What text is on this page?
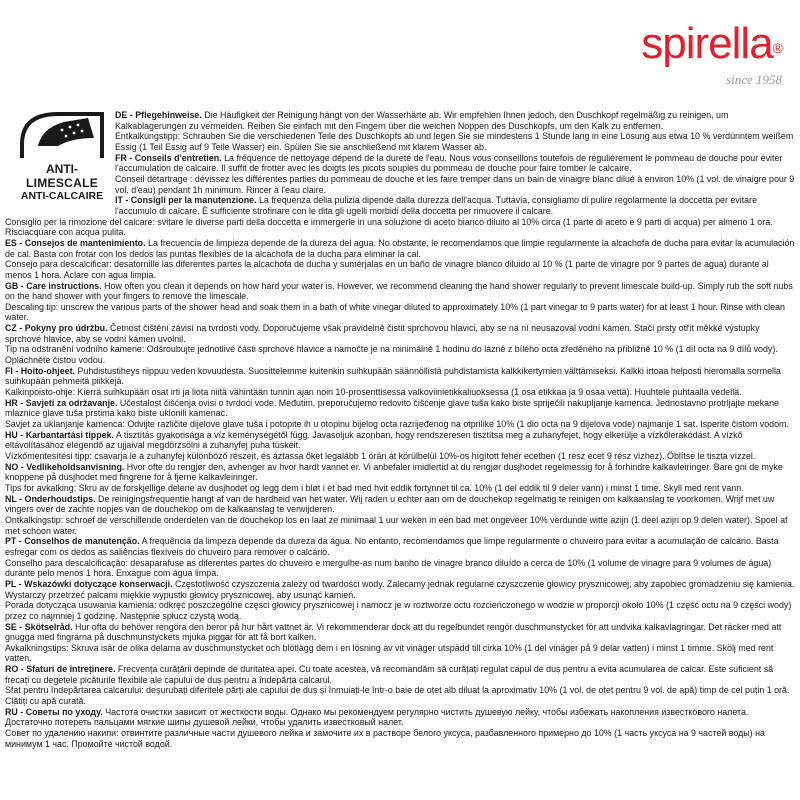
spirella®
since 1958
ANTI-
LIMESCALE
ANTI-CALCAIRE

DE - Pflegehinweise. Die Häufigkeit der Reinigung hängt von der Wasserhärte ab. Wir empfehlen Ihnen jedoch, den Duschkopf regelmäßig zu reinigen, um Kalkablagerungen zu vermeiden. Reiben Sie einfach mit den Fingern über die weichen Noppen des Duschkopfs, um den Kalk zu entfernen.

Entkalkungstipp: Schrauben Sie die verschiedenen Teile des Duschkopfs ab und legen Sie sie mindestens 1 Stunde lang in eine Lösung aus etwa 10 % verdünntem weißem Essig (1 Teil Essig auf 9 Teile Wasser) ein. Spülen Sie sie anschließend mit klarem Wasser ab.

FR - Conseils d'entretien. La fréquence de nettoyage dépend de la dureté de l'eau. Nous vous conseillons toutefois de régulièrement le pommeau de douche pour éviter l'accumulation de calcaire. Il suffit de frotter avec les doigts les picots souples du pommeau de douche pour faire tomber le calcaire.

Conseil détartrage : dévissez les différentes parties du pommeau de douche et les faire tremper dans un bain de vinaigre blanc dilué à environ 10% (1 vol. de vinaigre pour 9 vol. d'eau) pendant 1h minimum. Rincer à l'eau claire.

IT - Consigli per la manutenzione. La frequenza della pulizia dipende dalla durezza dell'acqua. Tuttavia, consigliamo di pulire regolarmente la doccetta per evitare l'accumulo di calcare. È sufficiente strofinare con le dita gli ugelli morbidi della doccetta per rimuovere il calcare.

Consiglio per la rimozione del calcare: svitare le diverse parti della doccetta e immergerle in una soluzione di aceto bianco diluito al 10% circa (1 parte di aceto e 9 parti di acqua) per almeno 1 ora. Risciacquare con acqua pulita.

ES - Consejos de mantenimiento. La frecuencia de limpieza depende de la dureza del agua. No obstante, le recomendamos que limpie regularmente la alcachofa de ducha para evitar la acumulación de cal. Basta con frotar con los dedos las puntas flexibles de la alcachofa de la ducha para eliminar la cal.

Consejo para descalcificar: desatornille las diferentes partes la alcachofa de ducha y sumérjalas en un baño de vinagre blanco diluido al 10 % (1 parte de vinagre por 9 partes de agua) durante al menos 1 hora. Aclare con agua limpia.

GB - Care instructions. How often you clean it depends on how hard your water is. However, we recommend cleaning the hand shower regularly to prevent limescale build-up. Simply rub the soft nubs on the hand shower with your fingers to remove the limescale.

Descaling tip: unscrew the various parts of the shower head and soak them in a bath of white vinegar diluted to approximately 10% (1 part vinegar to 9 parts water) for at least 1 hour. Rinse with clean water.

CZ - Pokyny pro údržbu. Četnost čištění závisí na tvrdosti vody. Doporučujeme však pravidelně čistit sprchovou hlavici, aby se na ní neusazoval vodní kámen. Stačí prsty otřít měkké výstupky sprchové hlavice, aby se vodní kámen uvolnil.

Tip na odstranění vodního kamene: Odšroubujte jednotlivé části sprchové hlavice a namočte je na minimálně 1 hodinu do lázně z bílého octa zředěného na přibližně 10 % (1 díl octa na 9 dílů vody). Opláchněte čistou vodou.

FI - Hoito-ohjeet. Puhdistustiheys riippuu veden kovuudesta. Suosittelemme kuitenkin suihkupään säännöllistä puhdistamista kalkkikertymien välttämiseksi. Kalkki irtoaa helposti hieromalla sormella suihkupään pehmeitä piikkejä.

Kalkinpoisto-ohje: Kierrä suihkupään osat irti ja liota niitä vähintään tunnin ajan noin 10-prosenttisessa valkoviinietikkaliuoksessa (1 osa etikkaa ja 9 osaa vettä). Huuhtele puhtaalla vedellä.

HR - Savjeti za održavanje. Učestalost čišćenja ovisi o tvrdoći vode. Međutim, preporučujemo redovito čišćenje glave tuša kako biste spriječili nakupljanje kamenca. Jednostavno protrljajte mekane mlaznice glave tuša prstima kako biste uklonili kamenac.

Savjet za uklanjanje kamenca: Odvijte različite dijelove glave tuša i potopite ih u otopinu bijelog octa razrijeđenog na otprilike 10% (1 dio octa na 9 dijelova vode) najmanje 1 sat. Isperite čistom vodom.

HU - Karbantartási tippek. A tisztítás gyakorisága a víz keménységétől függ. Javasoljuk azonban, hogy rendszeresen tisztítsa meg a zuhanyfejet, hogy elkerülje a vízkőlerakódást. A vízkő eltávolításához elegendő az ujjaival megdörzsölni a zuhanyfej puha tüskéit.

Vízkőmentesítési tipp: csavarja le a zuhanyfej különböző részeit, és áztassa őket legalább 1 órán át körülbelül 10%-os hígított fehér ecetben (1 rész ecet 9 rész vízhez). Öblítse le tiszta vízzel.

NO - Vedlikeholdsanvisning. Hvor ofte du rengjør den, avhenger av hvor hardt vannet er. Vi anbefaler imidlertid at du rengjør dusjhodet regelmessig for å forhindre kalkavleiringer. Bare gni de myke knoppene på dusjhodet med fingrene for å fjerne kalkavleiringer.

Tips for avkalking: Skru av de forskjellige delene av dusjhodet og legg dem i bløt i et bad med hvit eddik fortynnet til ca. 10% (1 del eddik til 9 deler vann) i minst 1 time. Skyll med rent vann.

NL - Onderhoudstips. De reinigingsfrequentie hangt af van de hardheid van het water. Wij raden u echter aan om de douchekop regelmatig te reinigen om kalkaanslag te voorkomen. Wrijf met uw vingers over de zachte nopjes van de douchekop om de kalkaanslag te verwijderen.

Ontkalkingstip: schroef de verschillende onderdelen van de douchekop los en laat ze minimaal 1 uur weken in een bad met ongeveer 10% verdunde witte azijn (1 deel azijn op 9 delen water). Spoel af met schoon water.

PT - Conselhos de manutenção. A frequência da limpeza depende da dureza da água. No entanto, recomendamos que limpe regularmente o chuveiro para evitar a acumulação de calcário. Basta esfregar com os dedos as saliências flexíveis do chuveiro para remover o calcário.

Conselho para descalcificação: desaparafuse as diferentes partes do chuveiro e mergulhe-as num banho de vinagre branco diluído a cerca de 10% (1 volume de vinagre para 9 volumes de água) durante pelo menos 1 hora. Enxague com água limpa.

PL - Wskazówki dotyczące konserwacji. Częstotliwość czyszczenia zależy od twardości wody. Zalecamy jednak regularne czyszczenie głowicy prysznicowej, aby zapobiec gromadzeniu się kamienia. Wystarczy przetrzeć palcami miękkie wypustki głowicy prysznicowej, aby usunąć kamień.

Porada dotycząca usuwania kamienia: odkręć poszczególne części głowicy prysznicowej i namocz je w roztworze octu rozcieńczonego w wodzie w proporcji około 10% (1 część octu na 9 części wody) przez co najmniej 1 godzinę. Następnie spłucz czystą wodą.

SE - Skötselråd. Hur ofta du behöver rengöra den beror på hur hårt vattnet är. Vi rekommenderar dock att du regelbundet rengör duschmunstycket för att undvika kalkavlagringar. Det räcker med att gnugga med fingrarna på duschmunstyckets mjuka piggar för att få bort kalken.

Avkalkningstips: Skruva isär de olika delarna av duschmunstycket och blötlägg dem i en lösning av vit vinäger utspädd till cirka 10% (1 del vinäger på 9 delar vatten) i minst 1 timme. Skölj med rent vatten.

RO - Sfaturi de întreținere. Frecvența curățării depinde de duritatea apei. Cu toate acestea, vă recomandăm să curățați regulat capul de duș pentru a evita acumularea de calcar. Este suficient să frecați cu degetele picăturile flexibile ale capului de duș pentru a îndepărta calcarul.

Sfat pentru îndepărtarea calcarului: deșurubați diferitele părți ale capului de duș și înmuiați-le într-o baie de oțet alb diluat la aproximativ 10% (1 vol. de oțet pentru 9 vol. de apă) timp de cel puțin 1 oră. Clătiți cu apă curată.

RU - Советы по уходу. Частота очистки зависит от жесткости воды. Однако мы рекомендуем регулярно чистить душевую лейку, чтобы избежать накопления известкового налета. Достаточно потереть пальцами мягкие шипы душевой лейки, чтобы удалить известковый налет.

Совет по удалению накипи: отвинтите различные части душевого лейка и замочите их в растворе белого уксуса, разбавленного примерно до 10% (1 часть уксуса на 9 частей воды) на минимум 1 час. Промойте чистой водой.
